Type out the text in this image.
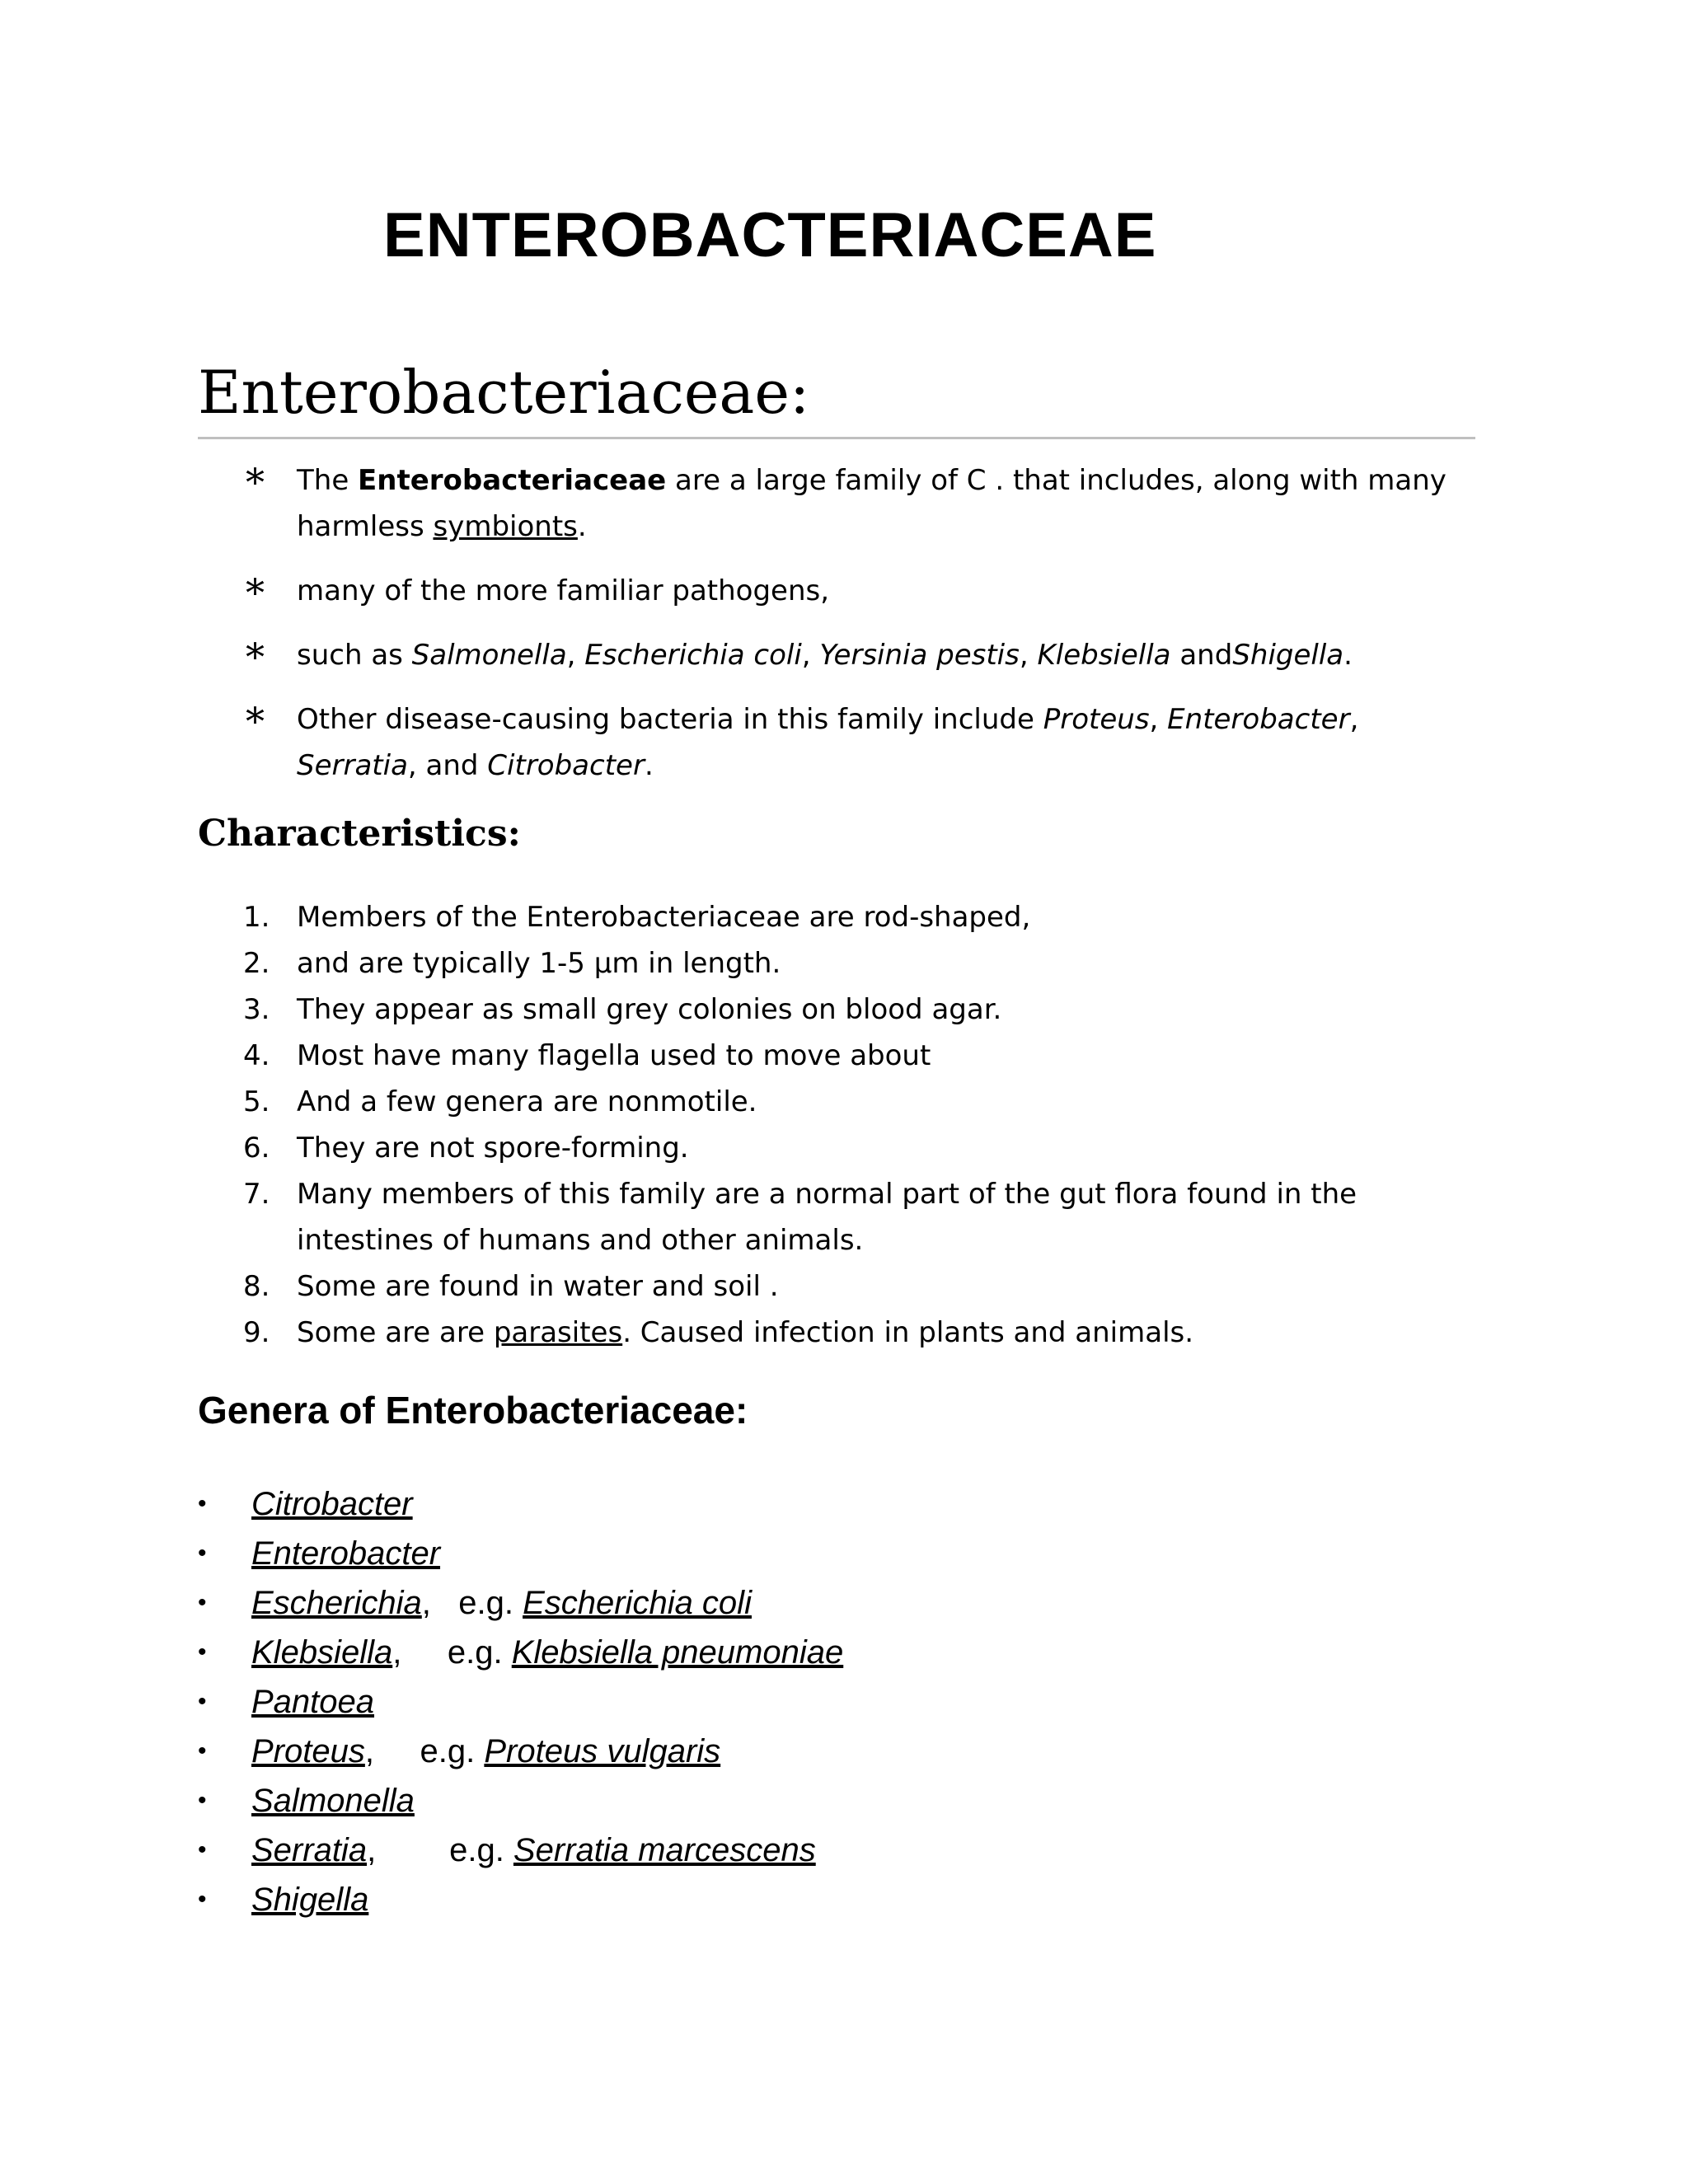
ENTEROBACTERIACEAE
Enterobacteriaceae:
* The Enterobacteriaceae are a large family of C . that includes, along with many harmless symbionts.
* many of the more familiar pathogens,
* such as Salmonella, Escherichia coli, Yersinia pestis, Klebsiella andShigella.
* Other disease-causing bacteria in this family include Proteus, Enterobacter, Serratia, and Citrobacter.
Characteristics:
1. Members of the Enterobacteriaceae are rod-shaped,
2. and are typically 1-5 µm in length.
3. They appear as small grey colonies on blood agar.
4. Most have many flagella used to move about
5. And a few genera are nonmotile.
6. They are not spore-forming.
7. Many members of this family are a normal part of the gut flora found in the intestines of humans and other animals.
8. Some are found in water and soil .
9. Some are are parasites. Caused infection in plants and animals.
Genera of Enterobacteriaceae:
• Citrobacter
• Enterobacter
• Escherichia,   e.g. Escherichia coli
• Klebsiella,     e.g. Klebsiella pneumoniae
• Pantoea
• Proteus,     e.g. Proteus vulgaris
• Salmonella
• Serratia,        e.g. Serratia marcescens
• Shigella
